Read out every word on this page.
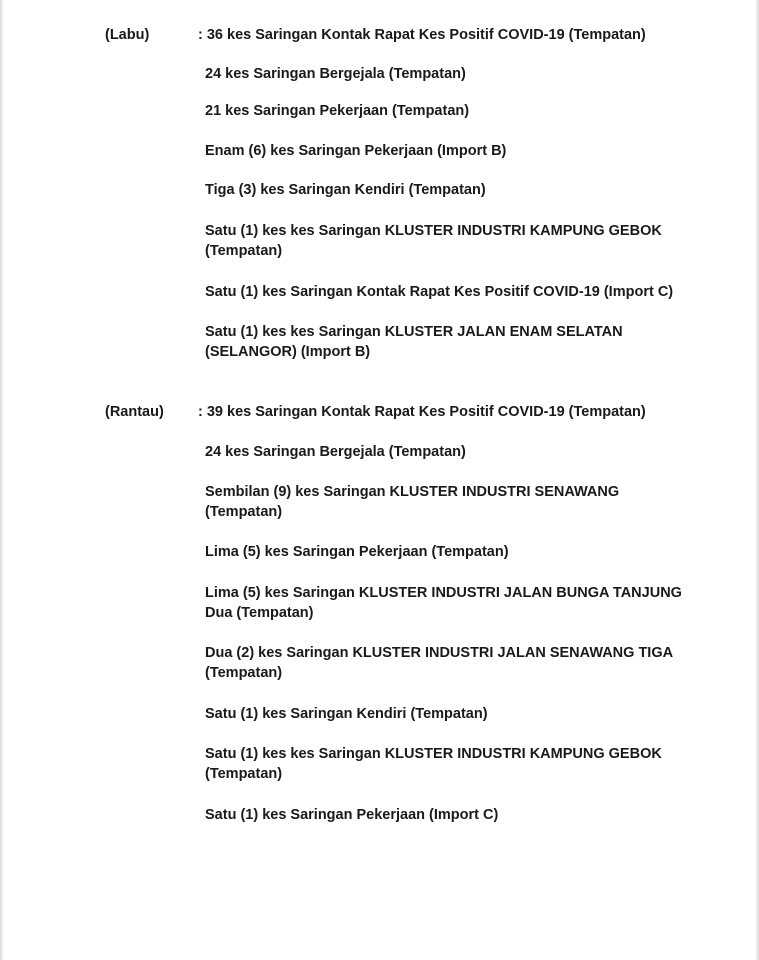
(Labu)	: 36 kes Saringan Kontak Rapat Kes Positif COVID-19 (Tempatan)
24 kes Saringan Bergejala (Tempatan)
21 kes Saringan Pekerjaan (Tempatan)
Enam (6) kes Saringan Pekerjaan (Import B)
Tiga (3) kes Saringan Kendiri (Tempatan)
Satu (1) kes kes Saringan KLUSTER INDUSTRI KAMPUNG GEBOK
(Tempatan)
Satu (1) kes Saringan Kontak Rapat Kes Positif COVID-19 (Import C)
Satu (1) kes kes Saringan KLUSTER JALAN ENAM SELATAN
(SELANGOR) (Import B)
(Rantau) : 39 kes Saringan Kontak Rapat Kes Positif COVID-19 (Tempatan)
24 kes Saringan Bergejala (Tempatan)
Sembilan (9) kes Saringan KLUSTER INDUSTRI SENAWANG
(Tempatan)
Lima (5) kes Saringan Pekerjaan (Tempatan)
Lima (5) kes Saringan KLUSTER INDUSTRI JALAN BUNGA TANJUNG
Dua (Tempatan)
Dua (2) kes Saringan KLUSTER INDUSTRI JALAN SENAWANG TIGA
(Tempatan)
Satu (1) kes Saringan Kendiri (Tempatan)
Satu (1) kes kes Saringan KLUSTER INDUSTRI KAMPUNG GEBOK
(Tempatan)
Satu (1) kes Saringan Pekerjaan (Import C)
